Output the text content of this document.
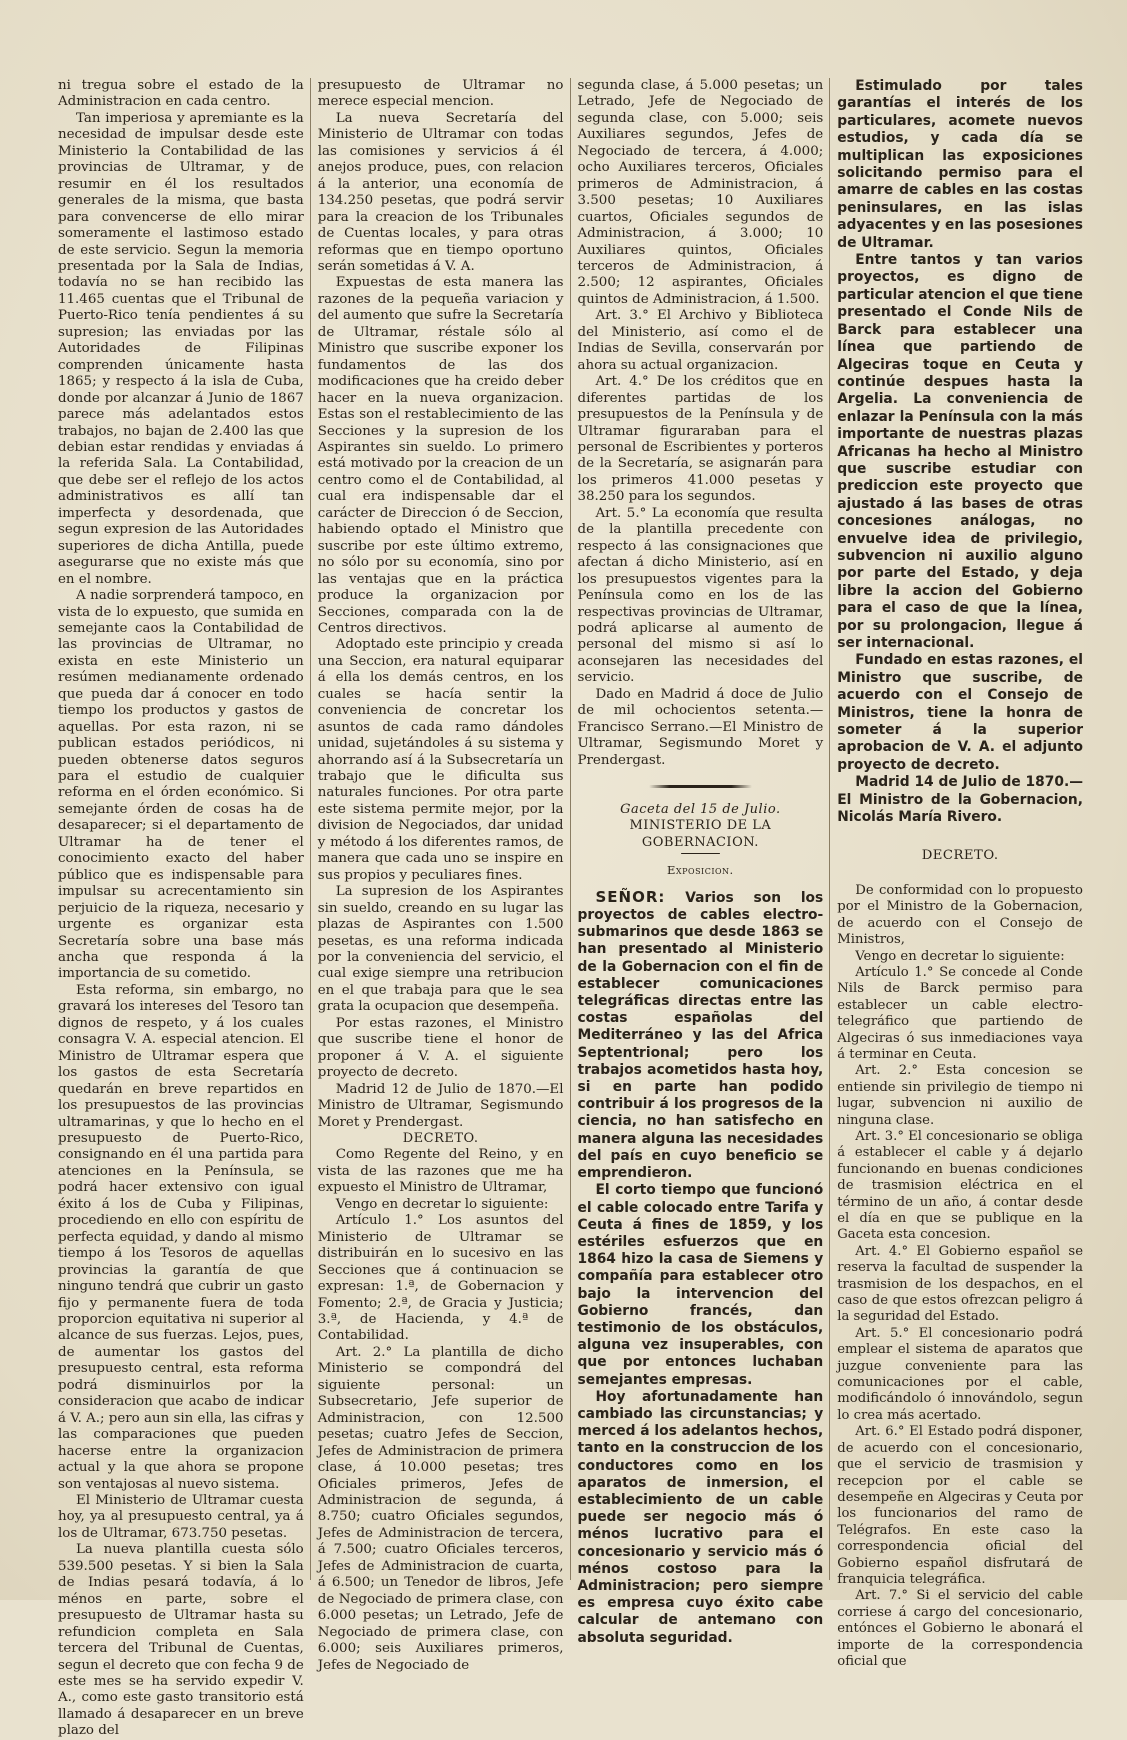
ni tregua sobre el estado de la Administracion en cada centro.

Tan imperiosa y apremiante es la necesidad de impulsar desde este Ministerio la Contabilidad de las provincias de Ultramar, y de resumir en él los resultados generales de la misma, que basta para convencerse de ello mirar someramente el lastimoso estado de este servicio. Segun la memoria presentada por la Sala de Indias, todavía no se han recibido las 11.465 cuentas que el Tribunal de Puerto-Rico tenía pendientes á su supresion; las enviadas por las Autoridades de Filipinas comprenden únicamente hasta 1865; y respecto á la isla de Cuba, donde por alcanzar á Junio de 1867 parece más adelantados estos trabajos, no bajan de 2.400 las que debian estar rendidas y enviadas á la referida Sala. La Contabilidad, que debe ser el reflejo de los actos administrativos es allí tan imperfecta y desordenada, que segun expresion de las Autoridades superiores de dicha Antilla, puede asegurarse que no existe más que en el nombre.

A nadie sorprenderá tampoco, en vista de lo expuesto, que sumida en semejante caos la Contabilidad de las provincias de Ultramar, no exista en este Ministerio un resúmen medianamente ordenado que pueda dar á conocer en todo tiempo los productos y gastos de aquellas. Por esta razon, ni se publican estados periódicos, ni pueden obtenerse datos seguros para el estudio de cualquier reforma en el órden económico. Si semejante órden de cosas ha de desaparecer; si el departamento de Ultramar ha de tener el conocimiento exacto del haber público que es indispensable para impulsar su acrecentamiento sin perjuicio de la riqueza, necesario y urgente es organizar esta Secretaría sobre una base más ancha que responda á la importancia de su cometido.

Esta reforma, sin embargo, no gravará los intereses del Tesoro tan dignos de respeto, y á los cuales consagra V. A. especial atencion. El Ministro de Ultramar espera que los gastos de esta Secretaría quedarán en breve repartidos en los presupuestos de las provincias ultramarinas, y que lo hecho en el presupuesto de Puerto-Rico, consignando en él una partida para atenciones en la Península, se podrá hacer extensivo con igual éxito á los de Cuba y Filipinas, procediendo en ello con espíritu de perfecta equidad, y dando al mismo tiempo á los Tesoros de aquellas provincias la garantía de que ninguno tendrá que cubrir un gasto fijo y permanente fuera de toda proporcion equitativa ni superior al alcance de sus fuerzas. Lejos, pues, de aumentar los gastos del presupuesto central, esta reforma podrá disminuirlos por la consideracion que acabo de indicar á V. A.; pero aun sin ella, las cifras y las comparaciones que pueden hacerse entre la organizacion actual y la que ahora se propone son ventajosas al nuevo sistema.

El Ministerio de Ultramar cuesta hoy, ya al presupuesto central, ya á los de Ultramar, 673.750 pesetas.

La nueva plantilla cuesta sólo 539.500 pesetas. Y si bien la Sala de Indias pesará todavía, á lo ménos en parte, sobre el presupuesto de Ultramar hasta su refundicion completa en Sala tercera del Tribunal de Cuentas, segun el decreto que con fecha 9 de este mes se ha servido expedir V. A., como este gasto transitorio está llamado á desaparecer en un breve plazo del

presupuesto de Ultramar no merece especial mencion.

La nueva Secretaría del Ministerio de Ultramar con todas las comisiones y servicios á él anejos produce, pues, con relacion á la anterior, una economía de 134.250 pesetas, que podrá servir para la creacion de los Tribunales de Cuentas locales, y para otras reformas que en tiempo oportuno serán sometidas á V. A.

Expuestas de esta manera las razones de la pequeña variacion y del aumento que sufre la Secretaría de Ultramar, réstale sólo al Ministro que suscribe exponer los fundamentos de las dos modificaciones que ha creido deber hacer en la nueva organizacion. Estas son el restablecimiento de las Secciones y la supresion de los Aspirantes sin sueldo. Lo primero está motivado por la creacion de un centro como el de Contabilidad, al cual era indispensable dar el carácter de Direccion ó de Seccion, habiendo optado el Ministro que suscribe por este último extremo, no sólo por su economía, sino por las ventajas que en la práctica produce la organizacion por Secciones, comparada con la de Centros directivos.

Adoptado este principio y creada una Seccion, era natural equiparar á ella los demás centros, en los cuales se hacía sentir la conveniencia de concretar los asuntos de cada ramo dándoles unidad, sujetándoles á su sistema y ahorrando así á la Subsecretaría un trabajo que le dificulta sus naturales funciones. Por otra parte este sistema permite mejor, por la division de Negociados, dar unidad y método á los diferentes ramos, de manera que cada uno se inspire en sus propios y peculiares fines.

La supresion de los Aspirantes sin sueldo, creando en su lugar las plazas de Aspirantes con 1.500 pesetas, es una reforma indicada por la conveniencia del servicio, el cual exige siempre una retribucion en el que trabaja para que le sea grata la ocupacion que desempeña.

Por estas razones, el Ministro que suscribe tiene el honor de proponer á V. A. el siguiente proyecto de decreto.

Madrid 12 de Julio de 1870.—El Ministro de Ultramar, Segismundo Moret y Prendergast.

DECRETO.

Como Regente del Reino, y en vista de las razones que me ha expuesto el Ministro de Ultramar,

Vengo en decretar lo siguiente:

Artículo 1.° Los asuntos del Ministerio de Ultramar se distribuirán en lo sucesivo en las Secciones que á continuacion se expresan: 1.ª, de Gobernacion y Fomento; 2.ª, de Gracia y Justicia; 3.ª, de Hacienda, y 4.ª de Contabilidad.

Art. 2.° La plantilla de dicho Ministerio se compondrá del siguiente personal: un Subsecretario, Jefe superior de Administracion, con 12.500 pesetas; cuatro Jefes de Seccion, Jefes de Administracion de primera clase, á 10.000 pesetas; tres Oficiales primeros, Jefes de Administracion de segunda, á 8.750; cuatro Oficiales segundos, Jefes de Administracion de tercera, á 7.500; cuatro Oficiales terceros, Jefes de Administracion de cuarta, á 6.500; un Tenedor de libros, Jefe de Negociado de primera clase, con 6.000 pesetas; un Letrado, Jefe de Negociado de primera clase, con 6.000; seis Auxiliares primeros, Jefes de Negociado de

segunda clase, á 5.000 pesetas; un Letrado, Jefe de Negociado de segunda clase, con 5.000; seis Auxiliares segundos, Jefes de Negociado de tercera, á 4.000; ocho Auxiliares terceros, Oficiales primeros de Administracion, á 3.500 pesetas; 10 Auxiliares cuartos, Oficiales segundos de Administracion, á 3.000; 10 Auxiliares quintos, Oficiales terceros de Administracion, á 2.500; 12 aspirantes, Oficiales quintos de Administracion, á 1.500.

Art. 3.° El Archivo y Biblioteca del Ministerio, así como el de Indias de Sevilla, conservarán por ahora su actual organizacion.

Art. 4.° De los créditos que en diferentes partidas de los presupuestos de la Península y de Ultramar figuraraban para el personal de Escribientes y porteros de la Secretaría, se asignarán para los primeros 41.000 pesetas y 38.250 para los segundos.

Art. 5.° La economía que resulta de la plantilla precedente con respecto á las consignaciones que afectan á dicho Ministerio, así en los presupuestos vigentes para la Península como en los de las respectivas provincias de Ultramar, podrá aplicarse al aumento de personal del mismo si así lo aconsejaren las necesidades del servicio.

Dado en Madrid á doce de Julio de mil ochocientos setenta.—Francisco Serrano.—El Ministro de Ultramar, Segismundo Moret y Prendergast.

Gaceta del 15 de Julio.

MINISTERIO DE LA GOBERNACION.

Exposicion.

SEÑOR: Varios son los proyectos de cables electro-submarinos que desde 1863 se han presentado al Ministerio de la Gobernacion con el fin de establecer comunicaciones telegráficas directas entre las costas españolas del Mediterráneo y las del Africa Septentrional; pero los trabajos acometidos hasta hoy, si en parte han podido contribuir á los progresos de la ciencia, no han satisfecho en manera alguna las necesidades del país en cuyo beneficio se emprendieron.

El corto tiempo que funcionó el cable colocado entre Tarifa y Ceuta á fines de 1859, y los estériles esfuerzos que en 1864 hizo la casa de Siemens y compañía para establecer otro bajo la intervencion del Gobierno francés, dan testimonio de los obstáculos, alguna vez insuperables, con que por entonces luchaban semejantes empresas.

Hoy afortunadamente han cambiado las circunstancias; y merced á los adelantos hechos, tanto en la construccion de los conductores como en los aparatos de inmersion, el establecimiento de un cable puede ser negocio más ó ménos lucrativo para el concesionario y servicio más ó ménos costoso para la Administracion; pero siempre es empresa cuyo éxito cabe calcular de antemano con absoluta seguridad.

Estimulado por tales garantías el interés de los particulares, acomete nuevos estudios, y cada día se multiplican las exposiciones solicitando permiso para el amarre de cables en las costas peninsulares, en las islas adyacentes y en las posesiones de Ultramar.

Entre tantos y tan varios proyectos, es digno de particular atencion el que tiene presentado el Conde Nils de Barck para establecer una línea que partiendo de Algeciras toque en Ceuta y continúe despues hasta la Argelia. La conveniencia de enlazar la Península con la más importante de nuestras plazas Africanas ha hecho al Ministro que suscribe estudiar con prediccion este proyecto que ajustado á las bases de otras concesiones análogas, no envuelve idea de privilegio, subvencion ni auxilio alguno por parte del Estado, y deja libre la accion del Gobierno para el caso de que la línea, por su prolongacion, llegue á ser internacional.

Fundado en estas razones, el Ministro que suscribe, de acuerdo con el Consejo de Ministros, tiene la honra de someter á la superior aprobacion de V. A. el adjunto proyecto de decreto.

Madrid 14 de Julio de 1870.—El Ministro de la Gobernacion, Nicolás María Rivero.

DECRETO.

De conformidad con lo propuesto por el Ministro de la Gobernacion, de acuerdo con el Consejo de Ministros,

Vengo en decretar lo siguiente:

Artículo 1.° Se concede al Conde Nils de Barck permiso para establecer un cable electro-telegráfico que partiendo de Algeciras ó sus inmediaciones vaya á terminar en Ceuta.

Art. 2.° Esta concesion se entiende sin privilegio de tiempo ni lugar, subvencion ni auxilio de ninguna clase.

Art. 3.° El concesionario se obliga á establecer el cable y á dejarlo funcionando en buenas condiciones de trasmision eléctrica en el término de un año, á contar desde el día en que se publique en la Gaceta esta concesion.

Art. 4.° El Gobierno español se reserva la facultad de suspender la trasmision de los despachos, en el caso de que estos ofrezcan peligro á la seguridad del Estado.

Art. 5.° El concesionario podrá emplear el sistema de aparatos que juzgue conveniente para las comunicaciones por el cable, modificándolo ó innovándolo, segun lo crea más acertado.

Art. 6.° El Estado podrá disponer, de acuerdo con el concesionario, que el servicio de trasmision y recepcion por el cable se desempeñe en Algeciras y Ceuta por los funcionarios del ramo de Telégrafos. En este caso la correspondencia oficial del Gobierno español disfrutará de franquicia telegráfica.

Art. 7.° Si el servicio del cable corriese á cargo del concesionario, entónces el Gobierno le abonará el importe de la correspondencia oficial que
